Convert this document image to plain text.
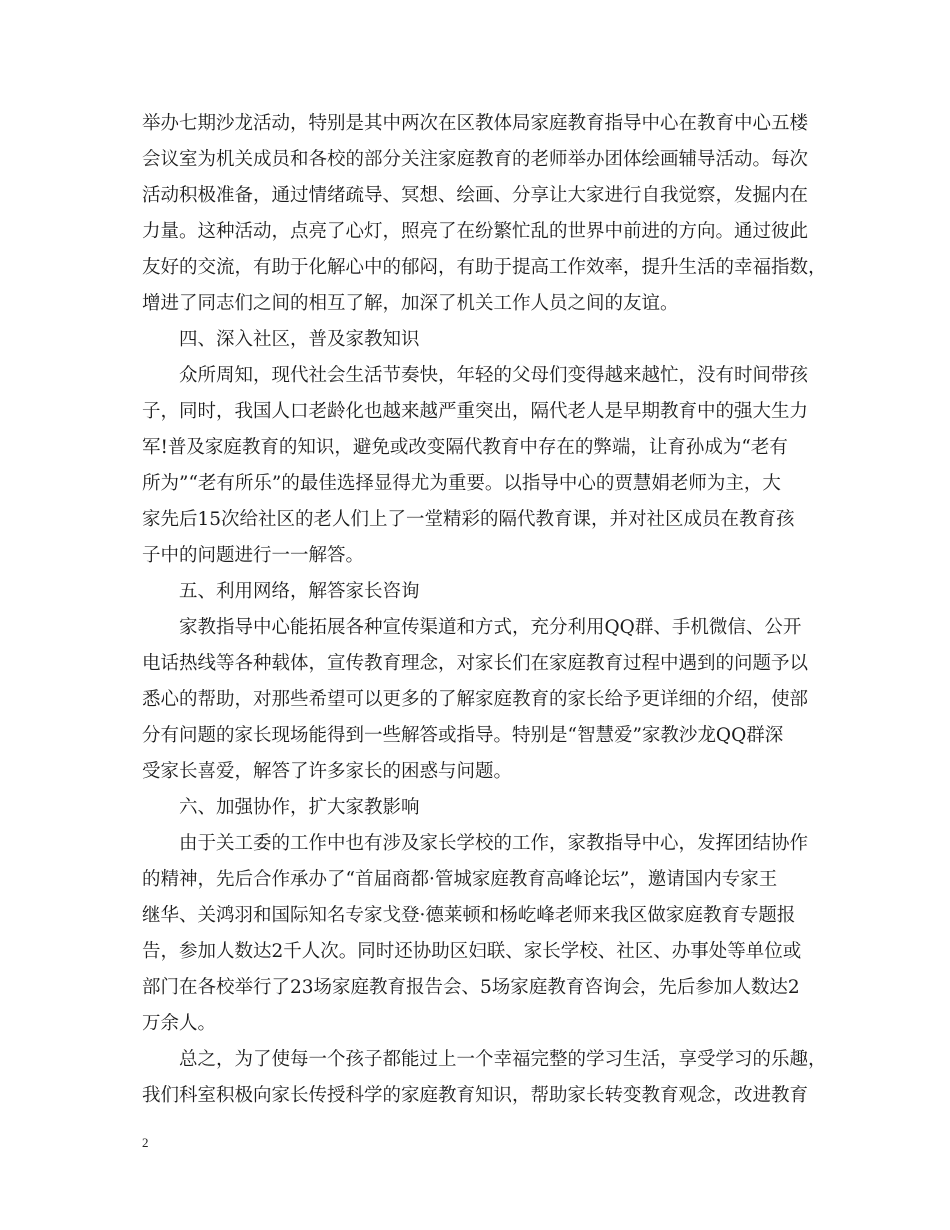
举办七期沙龙活动，特别是其中两次在区教体局家庭教育指导中心在教育中心五楼
会议室为机关成员和各校的部分关注家庭教育的老师举办团体绘画辅导活动。每次
活动积极准备，通过情绪疏导、冥想、绘画、分享让大家进行自我觉察，发掘内在
力量。这种活动，点亮了心灯，照亮了在纷繁忙乱的世界中前进的方向。通过彼此
友好的交流，有助于化解心中的郁闷，有助于提高工作效率，提升生活的幸福指数，
增进了同志们之间的相互了解，加深了机关工作人员之间的友谊。
四、深入社区，普及家教知识
众所周知，现代社会生活节奏快，年轻的父母们变得越来越忙，没有时间带孩
子，同时，我国人口老龄化也越来越严重突出，隔代老人是早期教育中的强大生力
军!普及家庭教育的知识，避免或改变隔代教育中存在的弊端，让育孙成为“老有
所为”“老有所乐”的最佳选择显得尤为重要。以指导中心的贾慧娟老师为主，大
家先后15次给社区的老人们上了一堂精彩的隔代教育课，并对社区成员在教育孩
子中的问题进行一一解答。
五、利用网络，解答家长咨询
家教指导中心能拓展各种宣传渠道和方式，充分利用QQ群、手机微信、公开
电话热线等各种载体，宣传教育理念，对家长们在家庭教育过程中遇到的问题予以
悉心的帮助，对那些希望可以更多的了解家庭教育的家长给予更详细的介绍，使部
分有问题的家长现场能得到一些解答或指导。特别是“智慧爱”家教沙龙QQ群深
受家长喜爱，解答了许多家长的困惑与问题。
六、加强协作，扩大家教影响
由于关工委的工作中也有涉及家长学校的工作，家教指导中心，发挥团结协作
的精神，先后合作承办了“首届商都·管城家庭教育高峰论坛”，邀请国内专家王
继华、关鸿羽和国际知名专家戈登·德莱顿和杨屹峰老师来我区做家庭教育专题报
告，参加人数达2千人次。同时还协助区妇联、家长学校、社区、办事处等单位或
部门在各校举行了23场家庭教育报告会、5场家庭教育咨询会，先后参加人数达2
万余人。
总之，为了使每一个孩子都能过上一个幸福完整的学习生活，享受学习的乐趣，
我们科室积极向家长传授科学的家庭教育知识，帮助家长转变教育观念，改进教育
2
